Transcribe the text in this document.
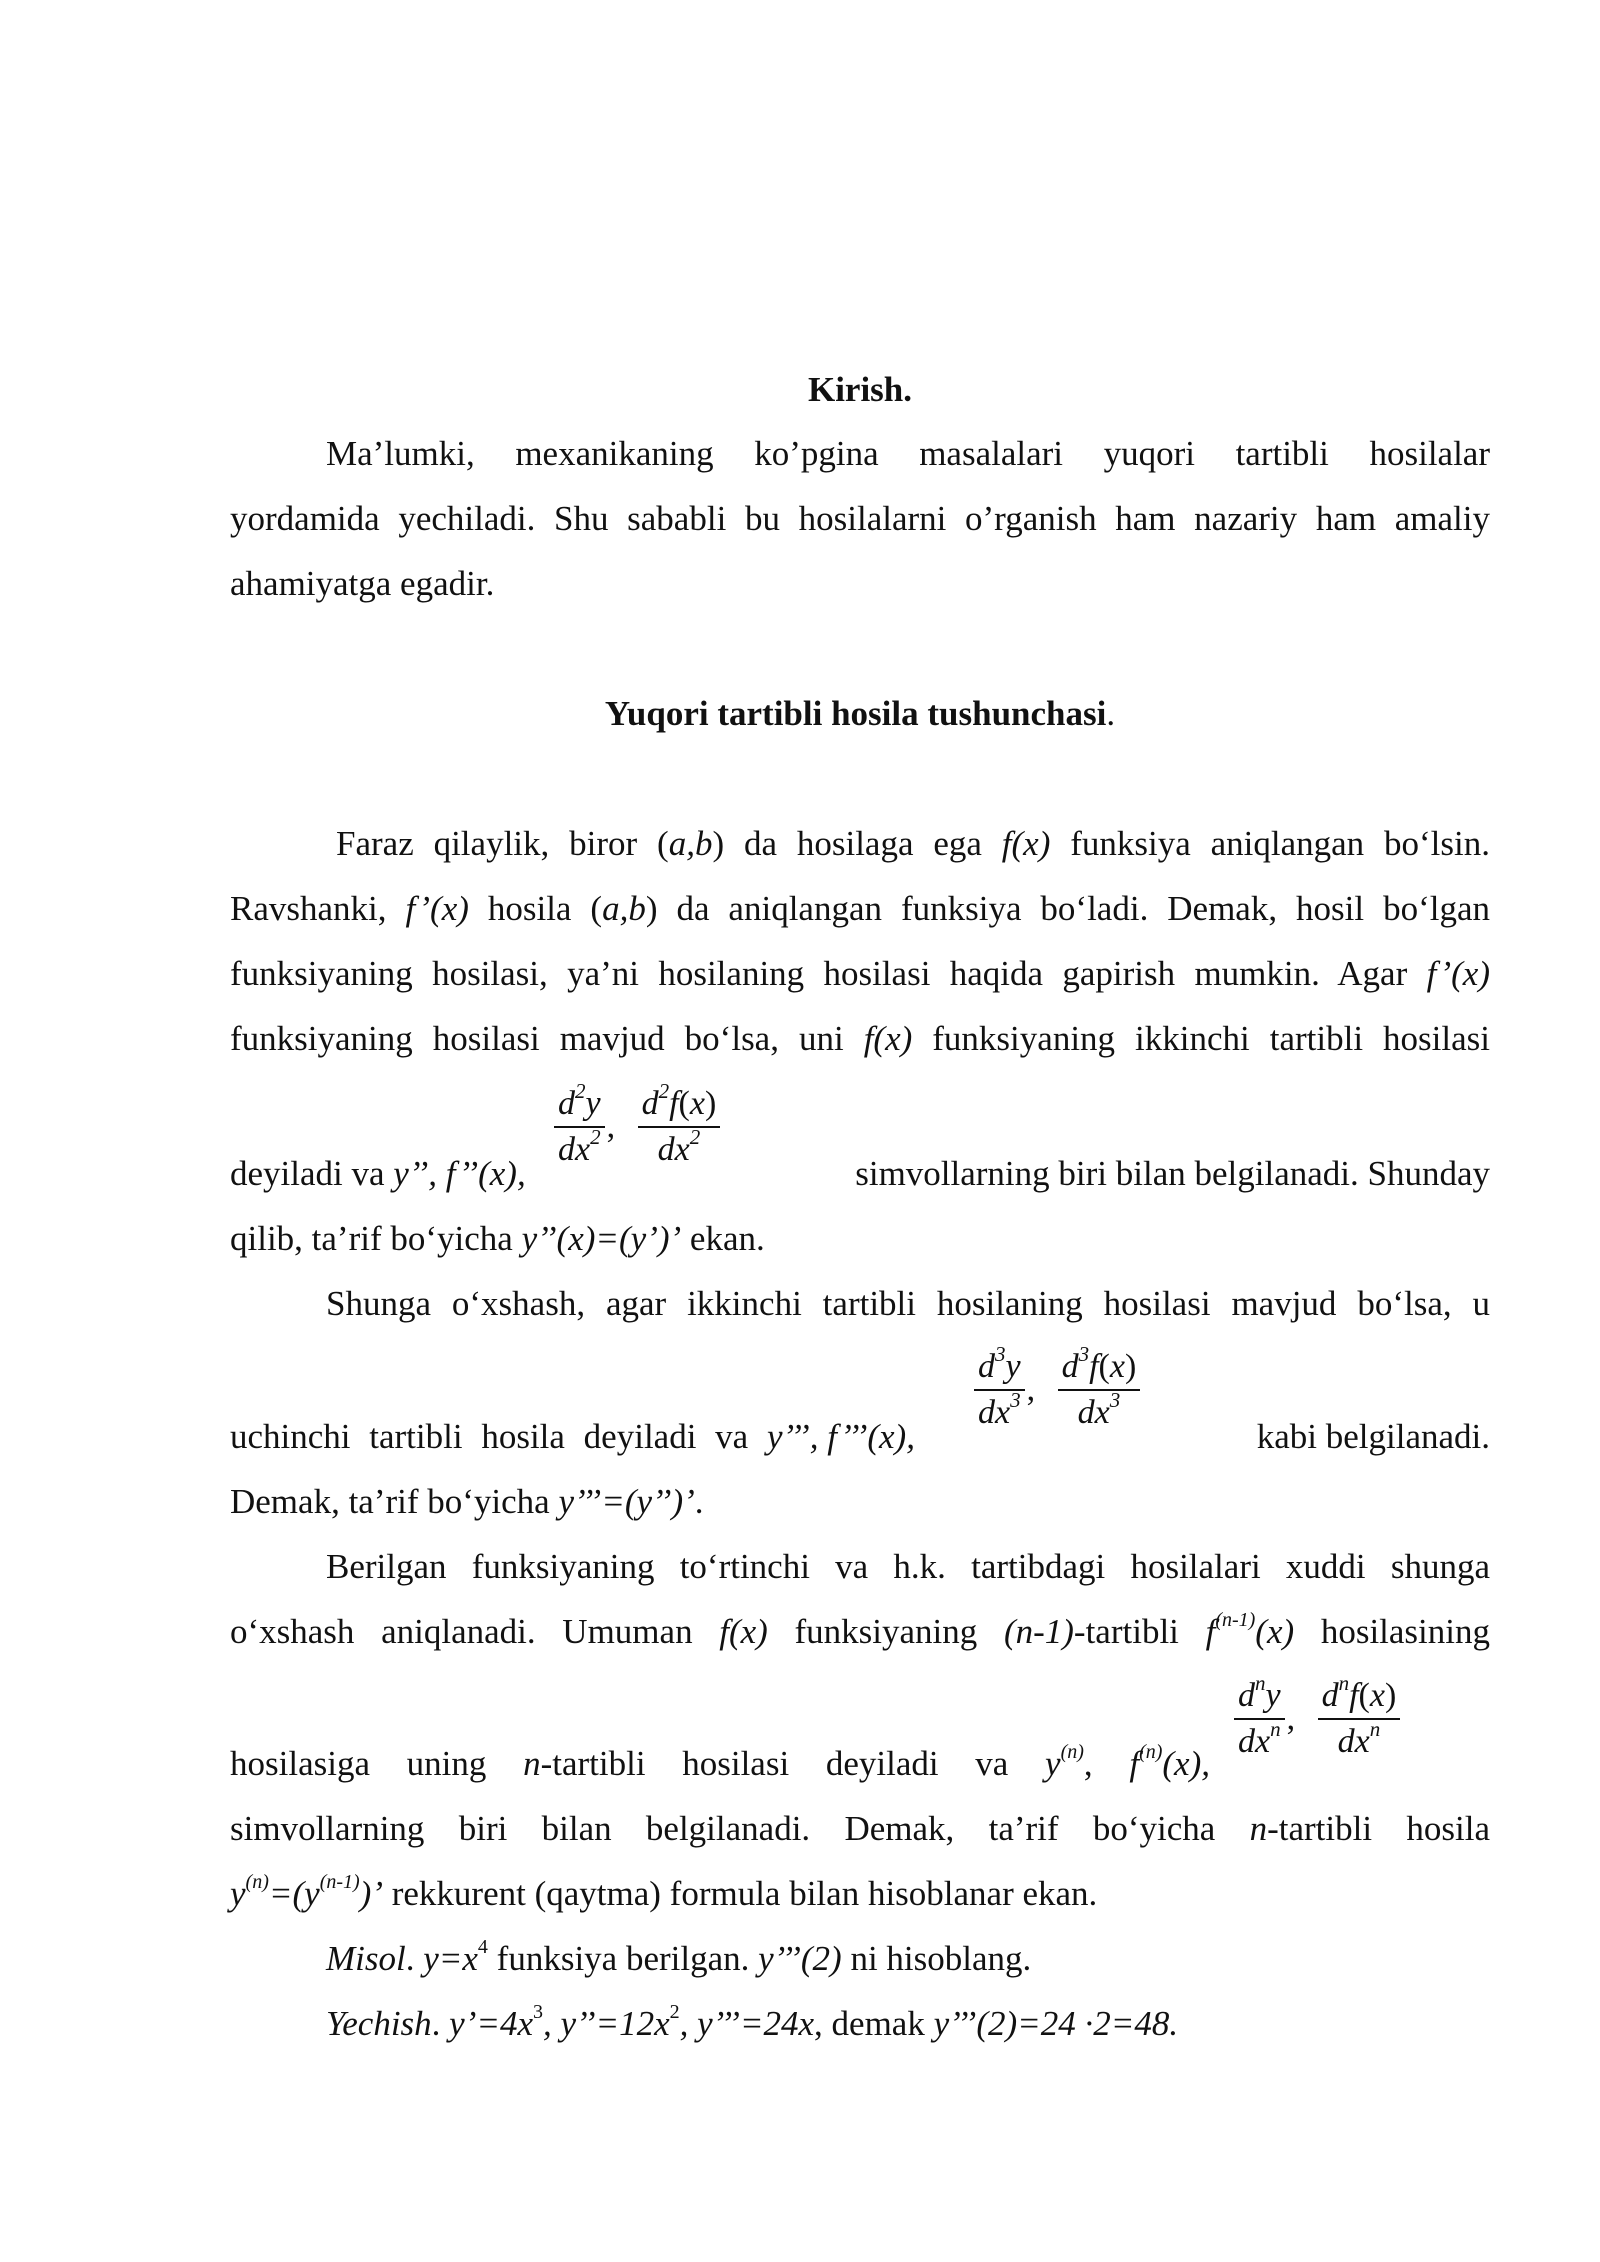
Kirish.
Ma’lumki, mexanikaning ko’pgina masalalari yuqori tartibli hosilalar
yordamida yechiladi. Shu sababli bu hosilalarni o’rganish ham nazariy ham amaliy
ahamiyatga egadir.
Yuqori tartibli hosila tushunchasi.
Faraz qilaylik, biror (a,b) da hosilaga ega f(x) funksiya aniqlangan bo‘lsin.
Ravshanki, f’(x) hosila (a,b) da aniqlangan funksiya bo‘ladi. Demak, hosil bo‘lgan
funksiyaning hosilasi, ya’ni hosilaning hosilasi haqida gapirish mumkin. Agar f’(x)
funksiyaning hosilasi mavjud bo‘lsa, uni f(x) funksiyaning ikkinchi tartibli hosilasi
deyiladi va y’’, f’’(x),	simvollarning biri bilan belgilanadi. Shunday
$\frac{d^2y}{dx^2}$ , $\frac{d^2f(x)}{dx^2}$
qilib, ta’rif bo‘yicha y’’(x)=(y’)’ ekan.
Shunga o‘xshash, agar ikkinchi tartibli hosilaning hosilasi mavjud bo‘lsa, u
uchinchi tartibli hosila deyiladi va y’’’, f’’’(x),	kabi belgilanadi.
$\frac{d^3y}{dx^3}$ , $\frac{d^3f(x)}{dx^3}$
Demak, ta’rif bo‘yicha y’’’=(y’’)’.
Berilgan funksiyaning to‘rtinchi va h.k. tartibdagi hosilalari xuddi shunga
o‘xshash aniqlanadi. Umuman f(x) funksiyaning (n-1)-tartibli $f^{(n-1)}(x)$ hosilasining
hosilasiga uning n-tartibli hosilasi deyiladi va $y^{(n)}$, $f^{(n)}(x)$,
$\frac{d^ny}{dx^n}$ , $\frac{d^nf(x)}{dx^n}$
simvollarning biri bilan belgilanadi. Demak, ta’rif bo‘yicha n-tartibli hosila
$y^{(n)}=(y^{(n-1)})$’ rekkurent (qaytma) formula bilan hisoblanar ekan.
Misol. $y=x^4$ funksiya berilgan. y’’’(2) ni hisoblang.
Yechish. $y’=4x^3$, $y’’=12x^2$, y’’’=24x, demak y’’’(2)=24 ·2=48.
